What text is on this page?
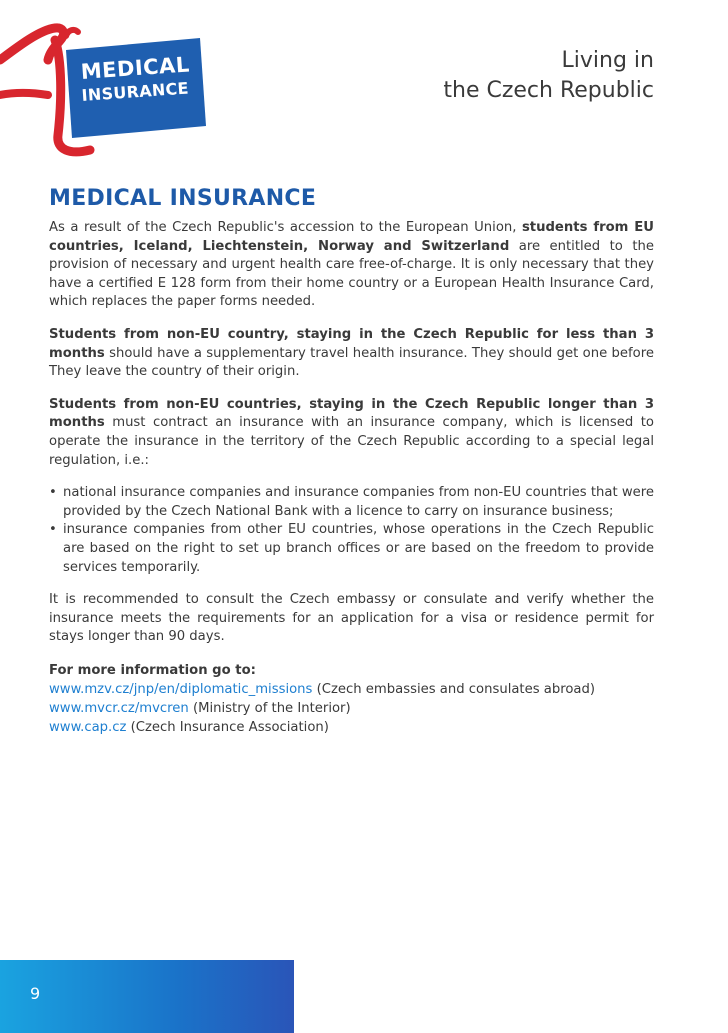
MEDICAL
INSURANCE
Living in
the Czech Republic
MEDICAL INSURANCE

As a result of the Czech Republic's accession to the European Union, students from EU countries, Iceland, Liechtenstein, Norway and Switzerland are entitled to the provision of necessary and urgent health care free-of-charge. It is only necessary that they have a certified E 128 form from their home country or a European Health Insurance Card, which replaces the paper forms needed.

Students from non-EU country, staying in the Czech Republic for less than 3 months should have a supplementary travel health insurance. They should get one before They leave the country of their origin.

Students from non-EU countries, staying in the Czech Republic longer than 3 months must contract an insurance with an insurance company, which is licensed to operate the insurance in the territory of the Czech Republic according to a special legal regulation, i.e.:

• national insurance companies and insurance companies from non-EU countries that were provided by the Czech National Bank with a licence to carry on insurance business;
• insurance companies from other EU countries, whose operations in the Czech Republic are based on the right to set up branch offices or are based on the freedom to provide services temporarily.

It is recommended to consult the Czech embassy or consulate and verify whether the insurance meets the requirements for an application for a visa or residence permit for stays longer than 90 days.

For more information go to:
www.mzv.cz/jnp/en/diplomatic_missions (Czech embassies and consulates abroad)
www.mvcr.cz/mvcren (Ministry of the Interior)
www.cap.cz (Czech Insurance Association)
9
